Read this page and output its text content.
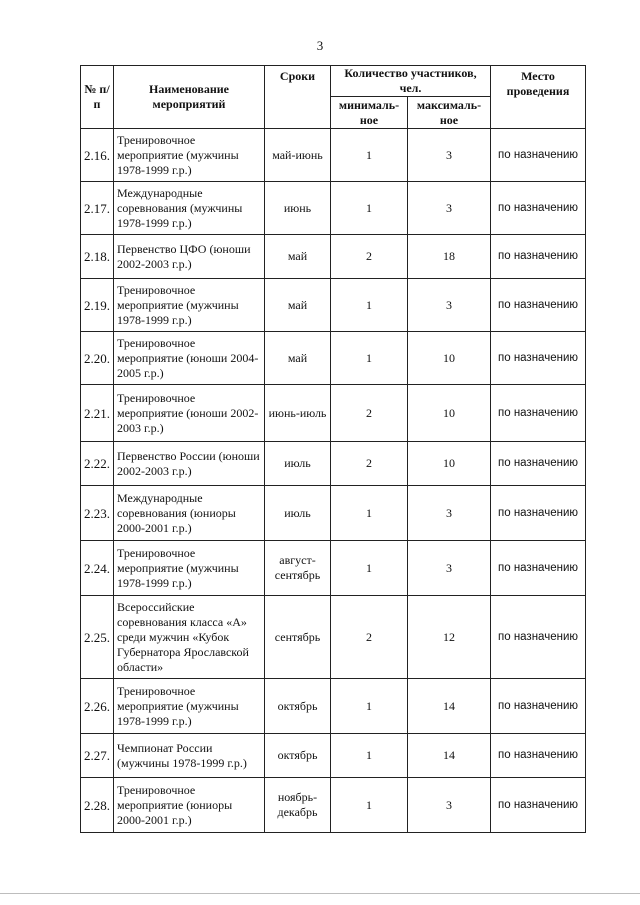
3
№ п/п	Наименование мероприятий	Сроки	Количество участников, чел.		Место проведения
			минималь-ное	максималь-ное	
2.16.	Тренировочное мероприятие (мужчины 1978-1999 г.р.)	май-июнь	1	3	по назначению
2.17.	Международные соревнования (мужчины 1978-1999 г.р.)	июнь	1	3	по назначению
2.18.	Первенство ЦФО (юноши 2002-2003 г.р.)	май	2	18	по назначению
2.19.	Тренировочное мероприятие (мужчины 1978-1999 г.р.)	май	1	3	по назначению
2.20.	Тренировочное мероприятие (юноши 2004-2005 г.р.)	май	1	10	по назначению
2.21.	Тренировочное мероприятие (юноши 2002-2003 г.р.)	июнь-июль	2	10	по назначению
2.22.	Первенство России (юноши 2002-2003 г.р.)	июль	2	10	по назначению
2.23.	Международные соревнования (юниоры 2000-2001 г.р.)	июль	1	3	по назначению
2.24.	Тренировочное мероприятие (мужчины 1978-1999 г.р.)	август-сентябрь	1	3	по назначению
2.25.	Всероссийские соревнования класса «А» среди мужчин «Кубок Губернатора Ярославской области»	сентябрь	2	12	по назначению
2.26.	Тренировочное мероприятие (мужчины 1978-1999 г.р.)	октябрь	1	14	по назначению
2.27.	Чемпионат России (мужчины 1978-1999 г.р.)	октябрь	1	14	по назначению
2.28.	Тренировочное мероприятие (юниоры 2000-2001 г.р.)	ноябрь-декабрь	1	3	по назначению
